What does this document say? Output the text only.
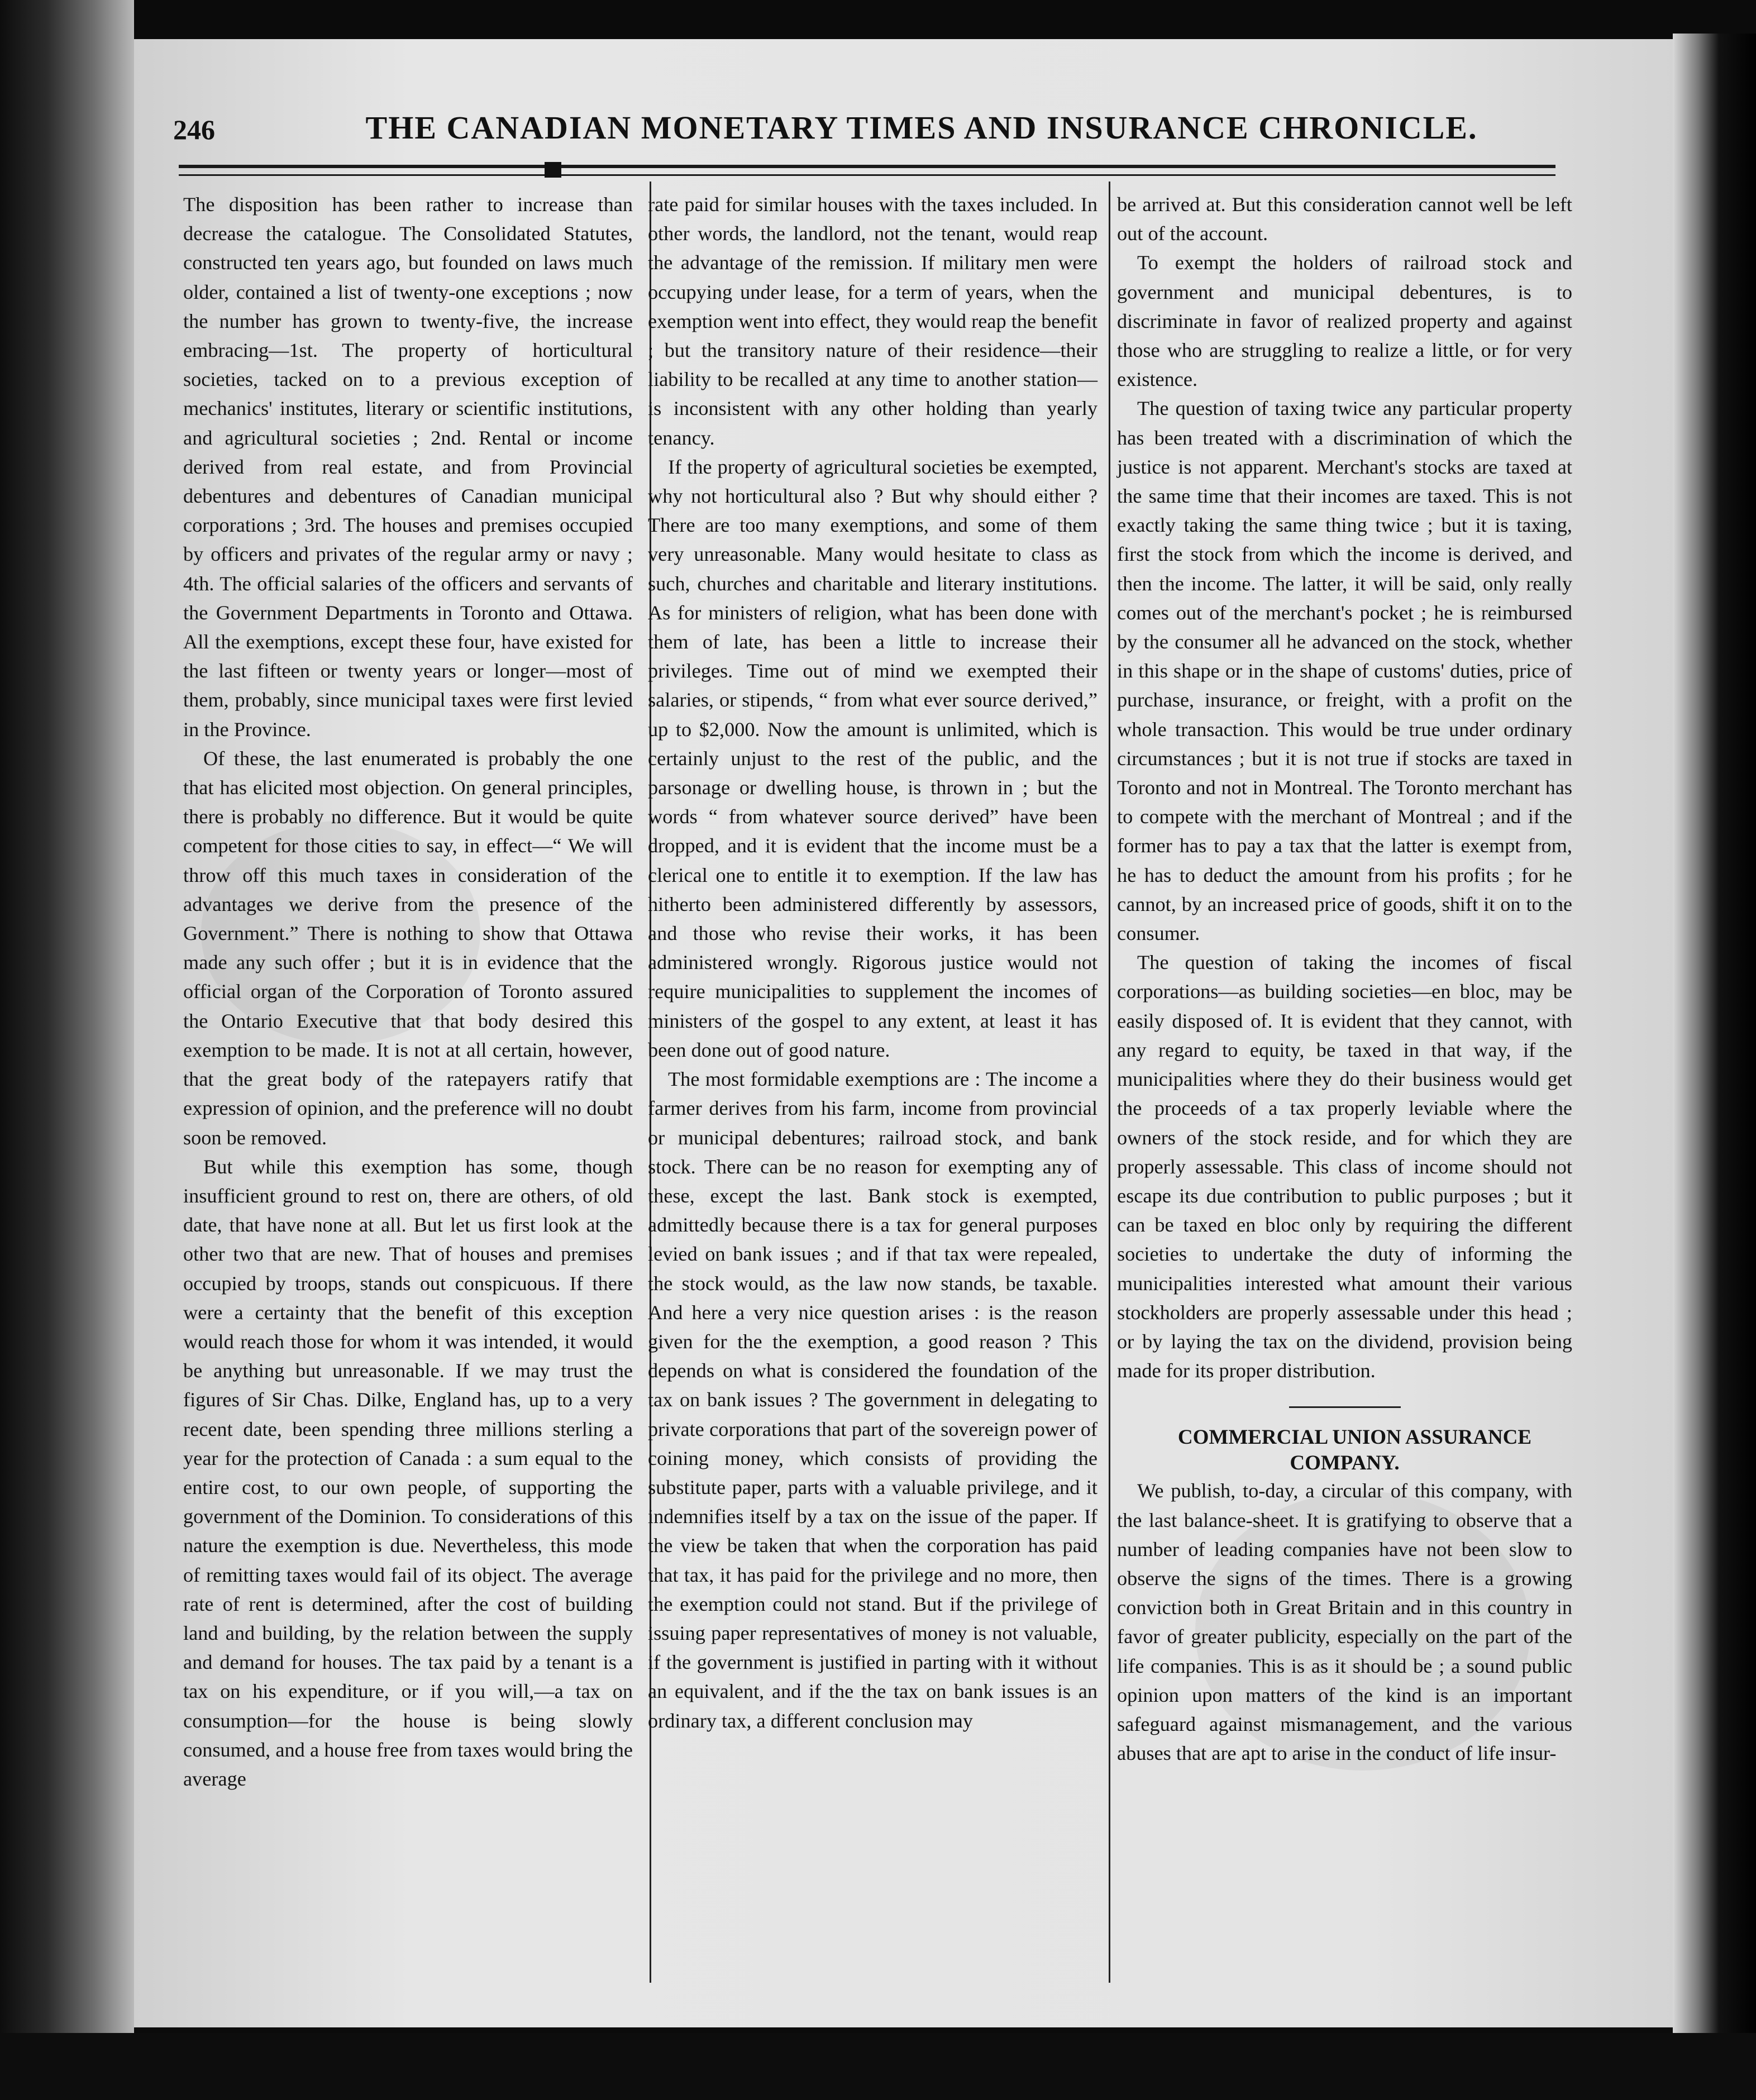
246	THE CANADIAN MONETARY TIMES AND INSURANCE CHRONICLE.

The disposition has been rather to increase than decrease the catalogue. The Consolidated Statutes, constructed ten years ago, but founded on laws much older, contained a list of twenty-one exceptions ; now the number has grown to twenty-five, the increase embracing—1st. The property of horticultural societies, tacked on to a previous exception of mechanics' institutes, literary or scientific institutions, and agricultural societies ; 2nd. Rental or income derived from real estate, and from Provincial debentures and debentures of Canadian municipal corporations ; 3rd. The houses and premises occupied by officers and privates of the regular army or navy ; 4th. The official salaries of the officers and servants of the Government Departments in Toronto and Ottawa. All the exemptions, except these four, have existed for the last fifteen or twenty years or longer—most of them, probably, since municipal taxes were first levied in the Province.

Of these, the last enumerated is probably the one that has elicited most objection. On general principles, there is probably no difference. But it would be quite competent for those cities to say, in effect—“ We will throw off this much taxes in consideration of the advantages we derive from the presence of the Government.” There is nothing to show that Ottawa made any such offer ; but it is in evidence that the official organ of the Corporation of Toronto assured the Ontario Executive that that body desired this exemption to be made. It is not at all certain, however, that the great body of the ratepayers ratify that expression of opinion, and the preference will no doubt soon be removed.

But while this exemption has some, though insufficient ground to rest on, there are others, of old date, that have none at all. But let us first look at the other two that are new. That of houses and premises occupied by troops, stands out conspicuous. If there were a certainty that the benefit of this exception would reach those for whom it was intended, it would be anything but unreasonable. If we may trust the figures of Sir Chas. Dilke, England has, up to a very recent date, been spending three millions sterling a year for the protection of Canada : a sum equal to the entire cost, to our own people, of supporting the government of the Dominion. To considerations of this nature the exemption is due. Nevertheless, this mode of remitting taxes would fail of its object. The average rate of rent is determined, after the cost of building land and building, by the relation between the supply and demand for houses. The tax paid by a tenant is a tax on his expenditure, or if you will,—a tax on consumption—for the house is being slowly consumed, and a house free from taxes would bring the average

rate paid for similar houses with the taxes included. In other words, the landlord, not the tenant, would reap the advantage of the remission. If military men were occupying under lease, for a term of years, when the exemption went into effect, they would reap the benefit ; but the transitory nature of their residence—their liability to be recalled at any time to another station—is inconsistent with any other holding than yearly tenancy.

If the property of agricultural societies be exempted, why not horticultural also ? But why should either ? There are too many exemptions, and some of them very unreasonable. Many would hesitate to class as such, churches and charitable and literary institutions. As for ministers of religion, what has been done with them of late, has been a little to increase their privileges. Time out of mind we exempted their salaries, or stipends, “ from what ever source derived,” up to $2,000. Now the amount is unlimited, which is certainly unjust to the rest of the public, and the parsonage or dwelling house, is thrown in ; but the words “ from whatever source derived” have been dropped, and it is evident that the income must be a clerical one to entitle it to exemption. If the law has hitherto been administered differently by assessors, and those who revise their works, it has been administered wrongly. Rigorous justice would not require municipalities to supplement the incomes of ministers of the gospel to any extent, at least it has been done out of good nature.

The most formidable exemptions are : The income a farmer derives from his farm, income from provincial or municipal debentures; railroad stock, and bank stock. There can be no reason for exempting any of these, except the last. Bank stock is exempted, admittedly because there is a tax for general purposes levied on bank issues ; and if that tax were repealed, the stock would, as the law now stands, be taxable. And here a very nice question arises : is the reason given for the the exemption, a good reason ? This depends on what is considered the foundation of the tax on bank issues ? The government in delegating to private corporations that part of the sovereign power of coining money, which consists of providing the substitute paper, parts with a valuable privilege, and it indemnifies itself by a tax on the issue of the paper. If the view be taken that when the corporation has paid that tax, it has paid for the privilege and no more, then the exemption could not stand. But if the privilege of issuing paper representatives of money is not valuable, if the government is justified in parting with it without an equivalent, and if the the tax on bank issues is an ordinary tax, a different conclusion may

be arrived at. But this consideration cannot well be left out of the account.

To exempt the holders of railroad stock and government and municipal debentures, is to discriminate in favor of realized property and against those who are struggling to realize a little, or for very existence.

The question of taxing twice any particular property has been treated with a discrimination of which the justice is not apparent. Merchant's stocks are taxed at the same time that their incomes are taxed. This is not exactly taking the same thing twice ; but it is taxing, first the stock from which the income is derived, and then the income. The latter, it will be said, only really comes out of the merchant's pocket ; he is reimbursed by the consumer all he advanced on the stock, whether in this shape or in the shape of customs' duties, price of purchase, insurance, or freight, with a profit on the whole transaction. This would be true under ordinary circumstances ; but it is not true if stocks are taxed in Toronto and not in Montreal. The Toronto merchant has to compete with the merchant of Montreal ; and if the former has to pay a tax that the latter is exempt from, he has to deduct the amount from his profits ; for he cannot, by an increased price of goods, shift it on to the consumer.

The question of taking the incomes of fiscal corporations—as building societies—en bloc, may be easily disposed of. It is evident that they cannot, with any regard to equity, be taxed in that way, if the municipalities where they do their business would get the proceeds of a tax properly leviable where the owners of the stock reside, and for which they are properly assessable. This class of income should not escape its due contribution to public purposes ; but it can be taxed en bloc only by requiring the different societies to undertake the duty of informing the municipalities interested what amount their various stockholders are properly assessable under this head ; or by laying the tax on the dividend, provision being made for its proper distribution.

COMMERCIAL UNION ASSURANCE COMPANY.

We publish, to-day, a circular of this company, with the last balance-sheet. It is gratifying to observe that a number of leading companies have not been slow to observe the signs of the times. There is a growing conviction both in Great Britain and in this country in favor of greater publicity, especially on the part of the life companies. This is as it should be ; a sound public opinion upon matters of the kind is an important safeguard against mismanagement, and the various abuses that are apt to arise in the conduct of life insur-
